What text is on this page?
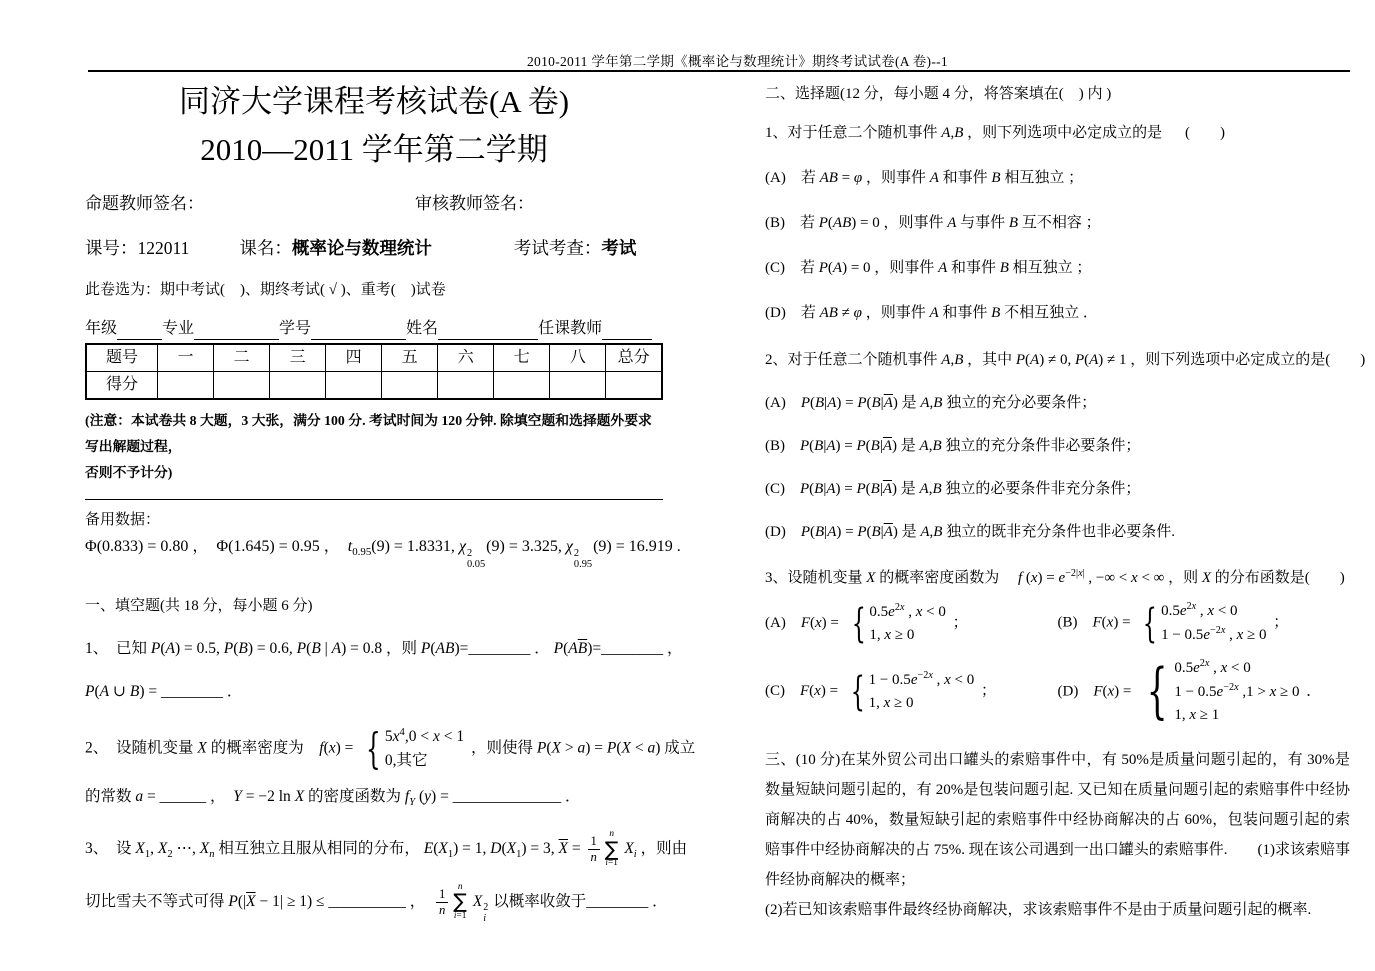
2010-2011 学年第二学期《概率论与数理统计》期终考试试卷(A 卷)--1
同济大学课程考核试卷(A 卷)
2010—2011 学年第二学期
命题教师签名：	审核教师签名：
课号：122011	课名：概率论与数理统计	考试考查：考试
此卷选为：期中考试(　)、期终考试( √ )、重考(　)试卷
年级	专业	学号	姓名	任课教师
题号	一	二	三	四	五	六	七	八	总分
得分									
(注意：本试卷共 8 大题，3 大张，满分 100 分. 考试时间为 120 分钟. 除填空题和选择题外要求写出解题过程，
否则不予计分)
备用数据：
Φ(0.833) = 0.80 ，　Φ(1.645) = 0.95 ，　$t_{0.95}(9) = 1.8331$, χ 2
0.05
(9) = 3.325, χ 2
0.95
(9) = 16.919 .
一、填空题(共 18 分，每小题 6 分)
1、　已知 P(A) = 0.5, P(B) = 0.6, P(B | A) = 0.8 ，则 P(AB)=________ ． $P(A\overline{B})=\_\_\_\_\_\_\_\_$ ，
P(A ∪ B) = ________ ．
2、　设随机变量 X 的概率密度为　f(x) = { $5x^4,0 < x < 1$
0,其它
，则使得 P(X > a) = P(X < a) 成立
的常数 a = ______ ，　Y = −2 ln X 的密度函数为 $f_Y$ (y) = ______________ ．
3、　设 $X_1$, $X_2$ ⋯, $X_n$ 相互独立且服从相同的分布， $E(X_1) = 1$, $D(X_1) = 3$, $\overline{X} = \frac{1}{n}$
n
∑
i=1
$X_i$ ，则由
切比雪夫不等式可得 $P(|\overline{X} - 1| \ge 1)$ ≤ __________ ，　 $\frac{1}{n}$
n
∑
i=1
X 2
i
以概率收敛于________ ．
二、选择题(12 分，每小题 4 分，将答案填在(　) 内 )
1、对于任意二个随机事件 A,B ，则下列选项中必定成立的是 (　　)
(A)　若 AB = φ ，则事件 A 和事件 B 相互独立 ；
(B)　若 P(AB) = 0 ，则事件 A 与事件 B 互不相容 ；
(C)　若 P(A) = 0 ，则事件 A 和事件 B 相互独立 ；
(D)　若 AB ≠ φ ，则事件 A 和事件 B 不相互独立 ．
2、对于任意二个随机事件 A,B ，其中 P(A) ≠ 0, P(A) ≠ 1 ，则下列选项中必定成立的是(　　)
(A)　$P(B|A) = P(B|\overline{A})$ 是 A,B 独立的充分必要条件；
(B)　$P(B|A) = P(B|\overline{A})$ 是 A,B 独立的充分条件非必要条件；
(C)　$P(B|A) = P(B|\overline{A})$ 是 A,B 独立的必要条件非充分条件；
(D)　$P(B|A) = P(B|\overline{A})$ 是 A,B 独立的既非充分条件也非必要条件.
3、设随机变量 X 的概率密度函数为　 f $(x) = e^{-2|x|}$ , −∞ < x < ∞ ，则 X 的分布函数是(　　)
(A)　F(x) = { $0.5e^{2x}$ , x < 0
1, x ≥ 0
；	(B)　F(x) = { $0.5e^{2x}$ , x < 0
$1 - 0.5e^{-2x}$ , x ≥ 0
；
(C)　F(x) = { $1 - 0.5e^{-2x}$ , x < 0
1, x ≥ 0
；	(D)　F(x) = { $0.5e^{2x}$ , x < 0
$1 - 0.5e^{-2x}$ ,1 > x ≥ 0
1, x ≥ 1
．
三、(10 分)在某外贸公司出口罐头的索赔事件中，有 50%是质量问题引起的，有 30%是数量短缺问题引起的，有 20%是包装问题引起. 又已知在质量问题引起的索赔事件中经协商解决的占 40%，数量短缺引起的索赔事件中经协商解决的占 60%，包装问题引起的索赔事件中经协商解决的占 75%. 现在该公司遇到一出口罐头的索赔事件.　　(1)求该索赔事件经协商解决的概率；
(2)若已知该索赔事件最终经协商解决，求该索赔事件不是由于质量问题引起的概率.
